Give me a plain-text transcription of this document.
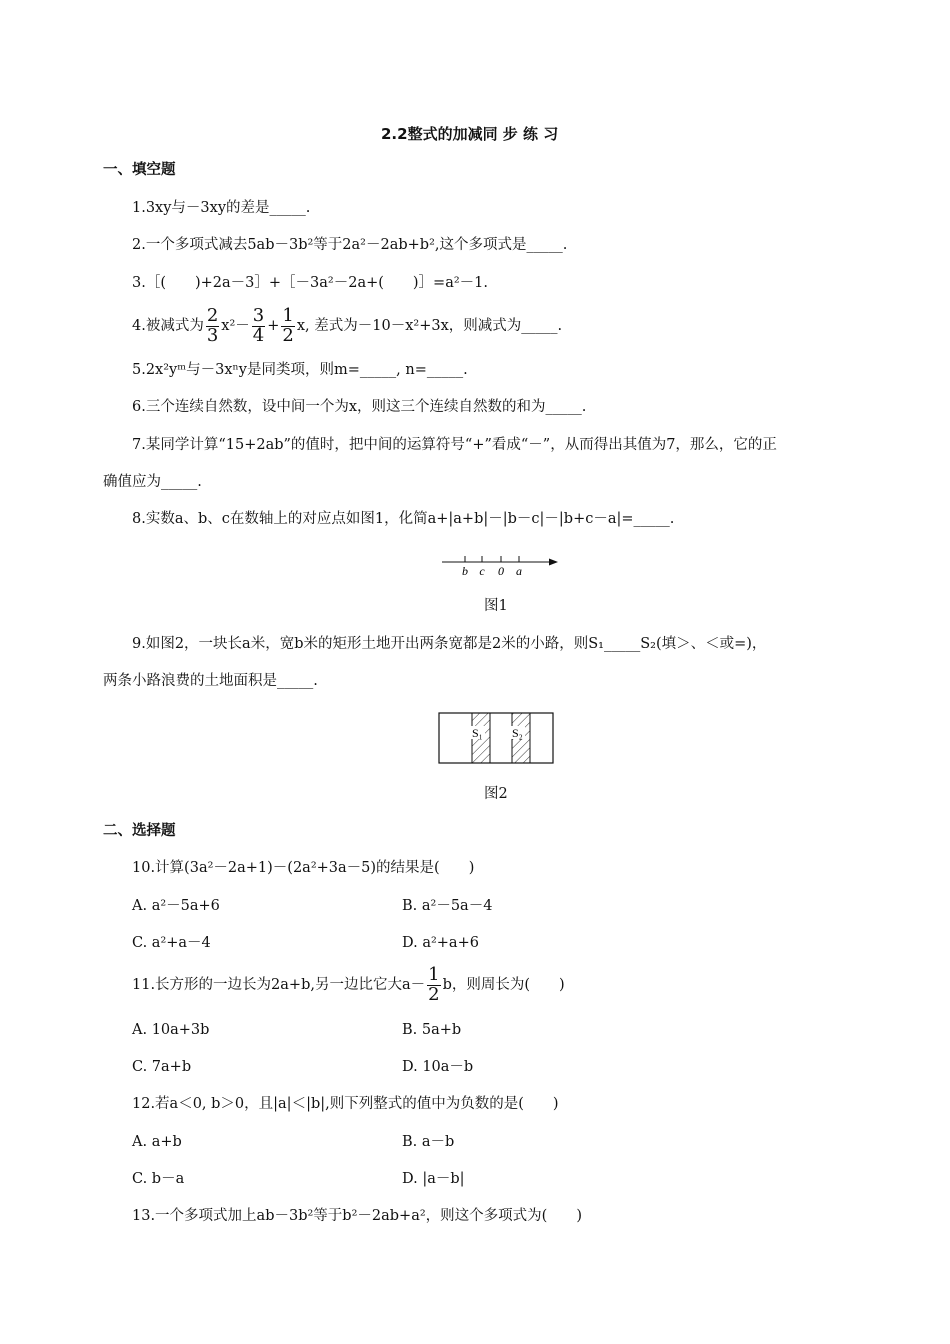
2.2整式的加减同 步 练 习
一、填空题
1.3xy与－3xy的差是_____.
2.一个多项式减去5ab－3b²等于2a²－2ab+b²,这个多项式是_____.
3.［(　　)+2a－3］+［－3a²－2a+(　　)］=a²－1.
4.被减式为 $\frac{2}{3} x^2- \frac{3}{4} + \frac{1}{2} x$, 差式为－10－x²+3x，则减式为_____.
5.2x²yᵐ与－3xⁿy是同类项，则m=_____, n=_____.
6.三个连续自然数，设中间一个为x，则这三个连续自然数的和为_____.
7.某同学计算“15+2ab”的值时，把中间的运算符号“+”看成“－”，从而得出其值为7，那么，它的正
确值应为_____.
8.实数a、b、c在数轴上的对应点如图1，化简a+|a+b|－|b－c|－|b+c－a|=_____.
b c 0 a
图1
9.如图2，一块长a米，宽b米的矩形土地开出两条宽都是2米的小路，则S₁_____S₂(填＞、＜或=)，
两条小路浪费的土地面积是_____.
S₁ S₂
图2
二、选择题
10.计算(3a²－2a+1)－(2a²+3a－5)的结果是(　　)
A. a²－5a+6	B. a²－5a－4
C. a²+a－4	D. a²+a+6
11.长方形的一边长为2a+b,另一边比它大$a- \frac{1}{2}$ b，则周长为(　　)
A. 10a+3b	B. 5a+b
C. 7a+b	D. 10a－b
12.若a＜0, b＞0，且|a|＜|b|,则下列整式的值中为负数的是(　　)
A. a+b	B. a－b
C. b－a	D. |a－b|
13.一个多项式加上ab－3b²等于b²－2ab+a²，则这个多项式为(　　)
